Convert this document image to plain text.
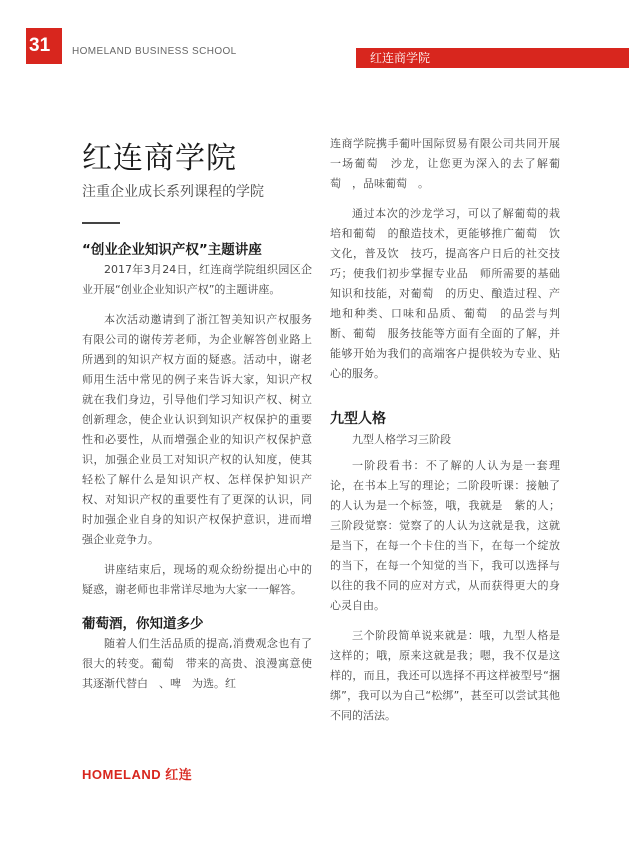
31	HOMELAND BUSINESS SCHOOL	红连商学院
红连商学院
注重企业成长系列课程的学院
“创业企业知识产权”主题讲座

2017年3月24日，红连商学院组织园区企业开展“创业企业知识产权”的主题讲座。

本次活动邀请到了浙江智美知识产权服务有限公司的谢传芳老师，为企业解答创业路上所遇到的知识产权方面的疑惑。活动中，谢老师用生活中常见的例子来告诉大家，知识产权就在我们身边，引导他们学习知识产权、树立创新理念，使企业认识到知识产权保护的重要性和必要性，从而增强企业的知识产权保护意识，加强企业员工对知识产权的认知度，使其轻松了解什么是知识产权、怎样保护知识产权、对知识产权的重要性有了更深的认识，同时加强企业自身的知识产权保护意识，进而增强企业竞争力。

讲座结束后，现场的观众纷纷提出心中的疑惑，谢老师也非常详尽地为大家一一解答。

葡萄酒，你知道多少

随着人们生活品质的提高,消费观念也有了很大的转变。葡萄　带来的高贵、浪漫寓意使其逐渐代替白　、啤　为选。红

HOMELAND 红连

连商学院携手葡叶国际贸易有限公司共同开展一场葡萄　沙龙，让您更为深入的去了解葡萄　，品味葡萄　。

通过本次的沙龙学习，可以了解葡萄的栽培和葡萄　的酿造技术，更能够推广葡萄　饮　文化，普及饮　技巧，提高客户日后的社交技巧；使我们初步掌握专业品　师所需要的基础知识和技能，对葡萄　的历史、酿造过程、产地和种类、口味和品质、葡萄　的品尝与判断、葡萄　服务技能等方面有全面的了解，并能够开始为我们的高端客户提供较为专业、贴心的服务。

九型人格

九型人格学习三阶段

一阶段看书：不了解的人认为是一套理论，在书本上写的理论；二阶段听课：接触了的人认为是一个标签，哦，我就是　紫的人；三阶段觉察：觉察了的人认为这就是我，这就是当下，在每一个卡住的当下，在每一个绽放的当下，在每一个知觉的当下，我可以选择与以往的我不同的应对方式，从而获得更大的身心灵自由。

三个阶段简单说来就是：哦，九型人格是这样的；哦，原来这就是我；嗯，我不仅是这样的，而且，我还可以选择不再这样被型号“捆绑”，我可以为自己“松绑”，甚至可以尝试其他不同的活法。
